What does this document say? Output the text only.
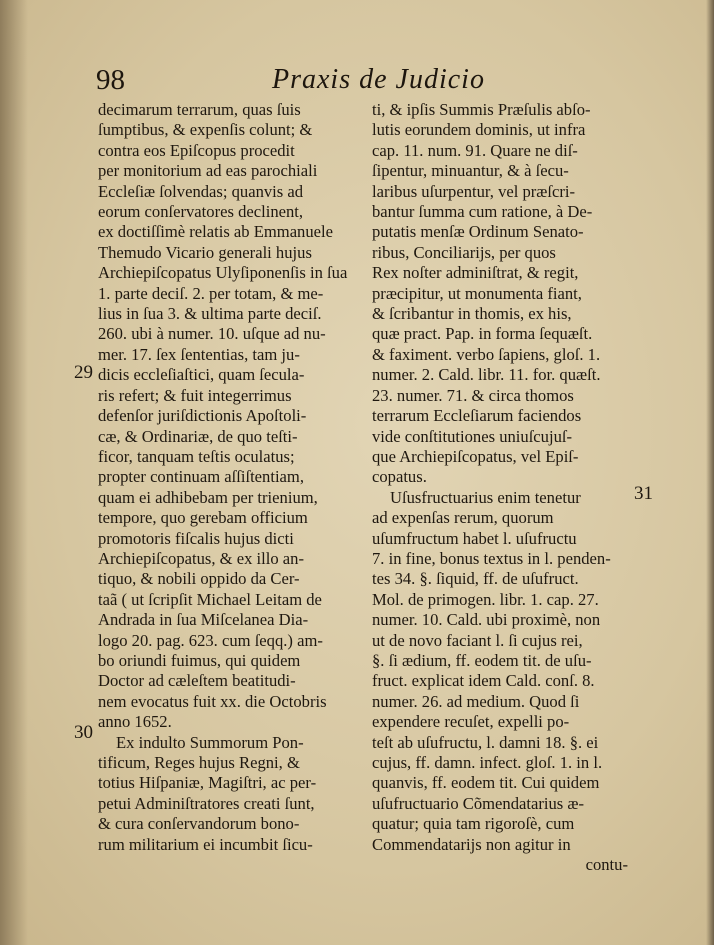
98	Praxis de Judicio
29
30
31
decimarum terrarum, quas ſuis
ſumptibus, & expenſis colunt; &
contra eos Epiſcopus procedit
per monitorium ad eas parochiali
Eccleſiæ ſolvendas; quanvis ad
eorum conſervatores declinent,
ex doctiſſimè relatis ab Emmanuele
Themudo Vicario generali hujus
Archiepiſcopatus Ulyſiponenſis in ſua
1. parte deciſ. 2. per totam, & me-
lius in ſua 3. & ultima parte deciſ.
260. ubi à numer. 10. uſque ad nu-
mer. 17. ſex ſententias, tam ju-
dicis eccleſiaſtici, quam ſecula-
ris refert; & fuit integerrimus
defenſor juriſdictionis Apoſtoli-
cæ, & Ordinariæ, de quo teſti-
ficor, tanquam teſtis oculatus;
propter continuam aſſiſtentiam,
quam ei adhibebam per trienium,
tempore, quo gerebam officium
promotoris fiſcalis hujus dicti
Archiepiſcopatus, & ex illo an-
tiquo, & nobili oppido da Cer-
taã ( ut ſcripſit Michael Leitam de
Andrada in ſua Miſcelanea Dia-
logo 20. pag. 623. cum ſeqq.) am-
bo oriundi fuimus, qui quidem
Doctor ad cæleſtem beatitudi-
nem evocatus fuit xx. die Octobris
anno 1652.
Ex indulto Summorum Pon-
tificum, Reges hujus Regni, &
totius Hiſpaniæ, Magiſtri, ac per-
petui Adminiſtratores creati ſunt,
& cura conſervandorum bono-
rum militarium ei incumbit ſicu-
ti, & ipſis Summis Præſulis abſo-
lutis eorundem dominis, ut infra
cap. 11. num. 91. Quare ne diſ-
ſipentur, minuantur, & à ſecu-
laribus uſurpentur, vel præſcri-
bantur ſumma cum ratione, à De-
putatis menſæ Ordinum Senato-
ribus, Conciliarijs, per quos
Rex noſter adminiſtrat, & regit,
præcipitur, ut monumenta fiant,
& ſcribantur in thomis, ex his,
quæ pract. Pap. in forma ſequæſt.
& faximent. verbo ſapiens, gloſ. 1.
numer. 2. Cald. libr. 11. for. quæſt.
23. numer. 71. & circa thomos
terrarum Eccleſiarum faciendos
vide conſtitutiones uniuſcujuſ-
que Archiepiſcopatus, vel Epiſ-
copatus.
Uſusfructuarius enim tenetur
ad expenſas rerum, quorum
uſumfructum habet l. uſufructu
7. in fine, bonus textus in l. penden-
tes 34. §. ſiquid, ff. de uſufruct.
Mol. de primogen. libr. 1. cap. 27.
numer. 10. Cald. ubi proximè, non
ut de novo faciant l. ſi cujus rei,
§. ſi ædium, ff. eodem tit. de uſu-
fruct. explicat idem Cald. conſ. 8.
numer. 26. ad medium. Quod ſi
expendere recuſet, expelli po-
teſt ab uſufructu, l. damni 18. §. ei
cujus, ff. damn. infect. gloſ. 1. in l.
quanvis, ff. eodem tit. Cui quidem
uſufructuario Cõmendatarius æ-
quatur; quia tam rigoroſè, cum
Commendatarijs non agitur in
contu-
